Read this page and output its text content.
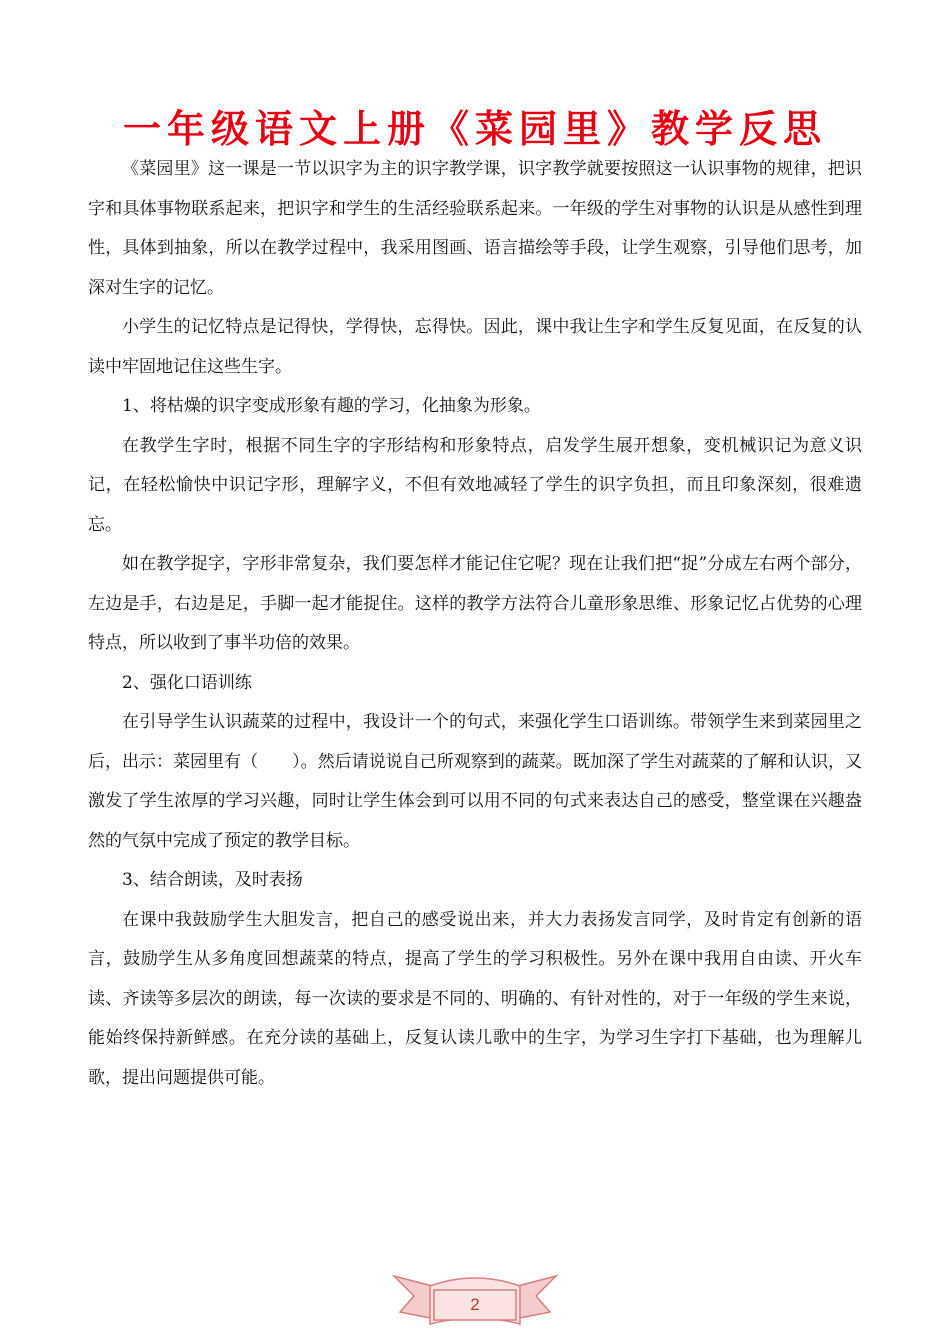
一年级语文上册《菜园里》教学反思

《菜园里》这一课是一节以识字为主的识字教学课，识字教学就要按照这一认识事物的规律，把识字和具体事物联系起来，把识字和学生的生活经验联系起来。一年级的学生对事物的认识是从感性到理性，具体到抽象，所以在教学过程中，我采用图画、语言描绘等手段，让学生观察，引导他们思考，加深对生字的记忆。

小学生的记忆特点是记得快，学得快，忘得快。因此，课中我让生字和学生反复见面，在反复的认读中牢固地记住这些生字。

1、将枯燥的识字变成形象有趣的学习，化抽象为形象。

在教学生字时，根据不同生字的字形结构和形象特点，启发学生展开想象，变机械识记为意义识记，在轻松愉快中识记字形，理解字义，不但有效地减轻了学生的识字负担，而且印象深刻，很难遗忘。

如在教学捉字，字形非常复杂，我们要怎样才能记住它呢？现在让我们把“捉”分成左右两个部分，左边是手，右边是足，手脚一起才能捉住。这样的教学方法符合儿童形象思维、形象记忆占优势的心理特点，所以收到了事半功倍的效果。

2、强化口语训练

在引导学生认识蔬菜的过程中，我设计一个的句式，来强化学生口语训练。带领学生来到菜园里之后，出示：菜园里有（　　）。然后请说说自己所观察到的蔬菜。既加深了学生对蔬菜的了解和认识，又激发了学生浓厚的学习兴趣，同时让学生体会到可以用不同的句式来表达自己的感受，整堂课在兴趣盎然的气氛中完成了预定的教学目标。

3、结合朗读，及时表扬

在课中我鼓励学生大胆发言，把自己的感受说出来，并大力表扬发言同学，及时肯定有创新的语言，鼓励学生从多角度回想蔬菜的特点，提高了学生的学习积极性。另外在课中我用自由读、开火车读、齐读等多层次的朗读，每一次读的要求是不同的、明确的、有针对性的，对于一年级的学生来说，能始终保持新鲜感。在充分读的基础上，反复认读儿歌中的生字，为学习生字打下基础，也为理解儿歌，提出问题提供可能。

2
